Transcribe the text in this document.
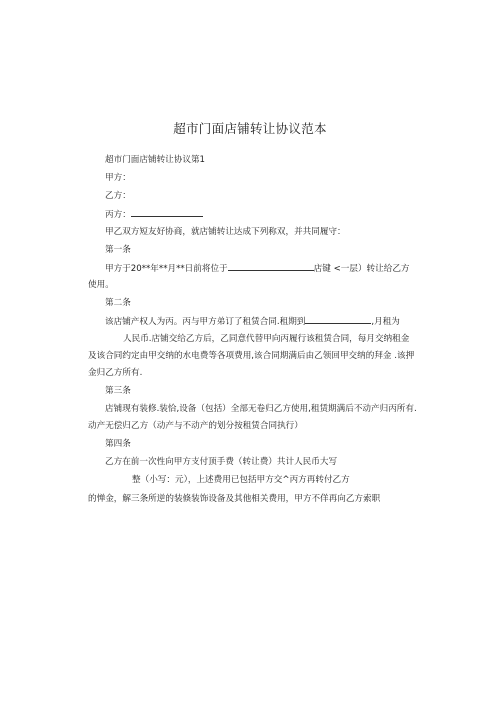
超市门面店铺转让协议范本
超市门面店铺转让协议第1
甲方：
乙方：
丙方：
甲乙双方短友好协商，就店铺转让达成下列称双，并共同履守：
第一条
甲方于20**年**月**日前将位于	店键 <一层）转让给乙方
使用。
第二条
该店铺产权人为丙。丙与甲方弟订了租赁合同.租期到	,月租为
人民币.店铺交给乙方后，乙同意代替甲向丙履行该租赁合同，每月交纳租金
及该合同约定由甲交纳的水电费等各项费用,该合同期满后由乙领回甲交纳的拜金 .该押
金归乙方所有.
第三条
店铺现有装修.装恰,设备（包括）全部无卷归乙方使用,租赁期满后不动产归丙所有.
动产无偿归乙方（动产与不动产的划分按租赁合同执行）
第四条
乙方在前一次性向甲方支付顶手费（转让费）共计人民币大写
整（小写：元），上述费用已包括甲方交^丙方再转付乙方
的惮金，解三条所逆的装倏装饰设备及其他相关费用，甲方不佯再向乙方索职
